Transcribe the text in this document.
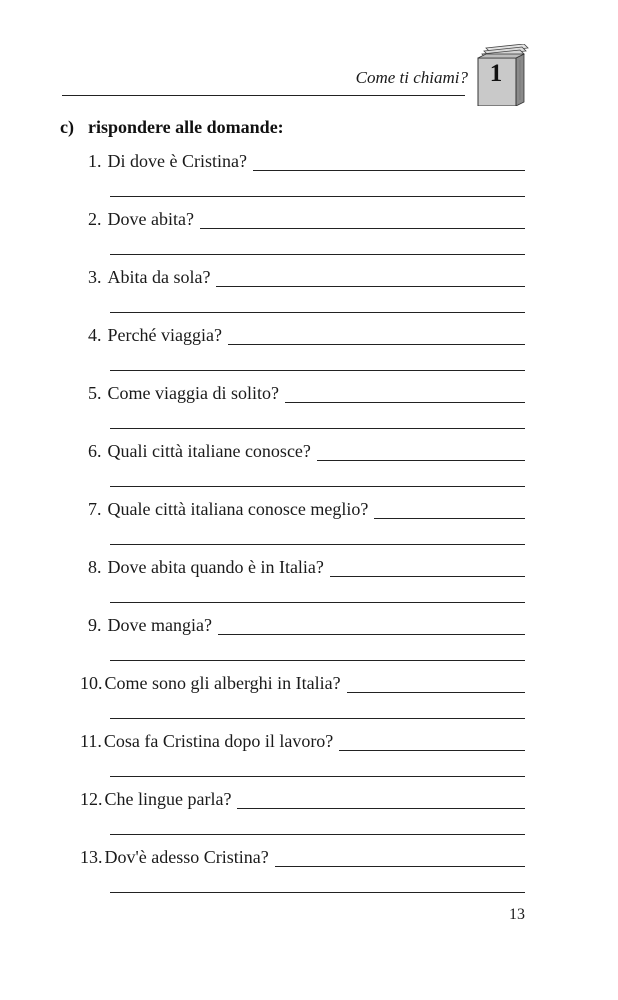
Come ti chiami? 1
c) rispondere alle domande:
1. Di dove è Cristina?
2. Dove abita?
3. Abita da sola?
4. Perché viaggia?
5. Come viaggia di solito?
6. Quali città italiane conosce?
7. Quale città italiana conosce meglio?
8. Dove abita quando è in Italia?
9. Dove mangia?
10. Come sono gli alberghi in Italia?
11. Cosa fa Cristina dopo il lavoro?
12. Che lingue parla?
13. Dov'è adesso Cristina?
13
